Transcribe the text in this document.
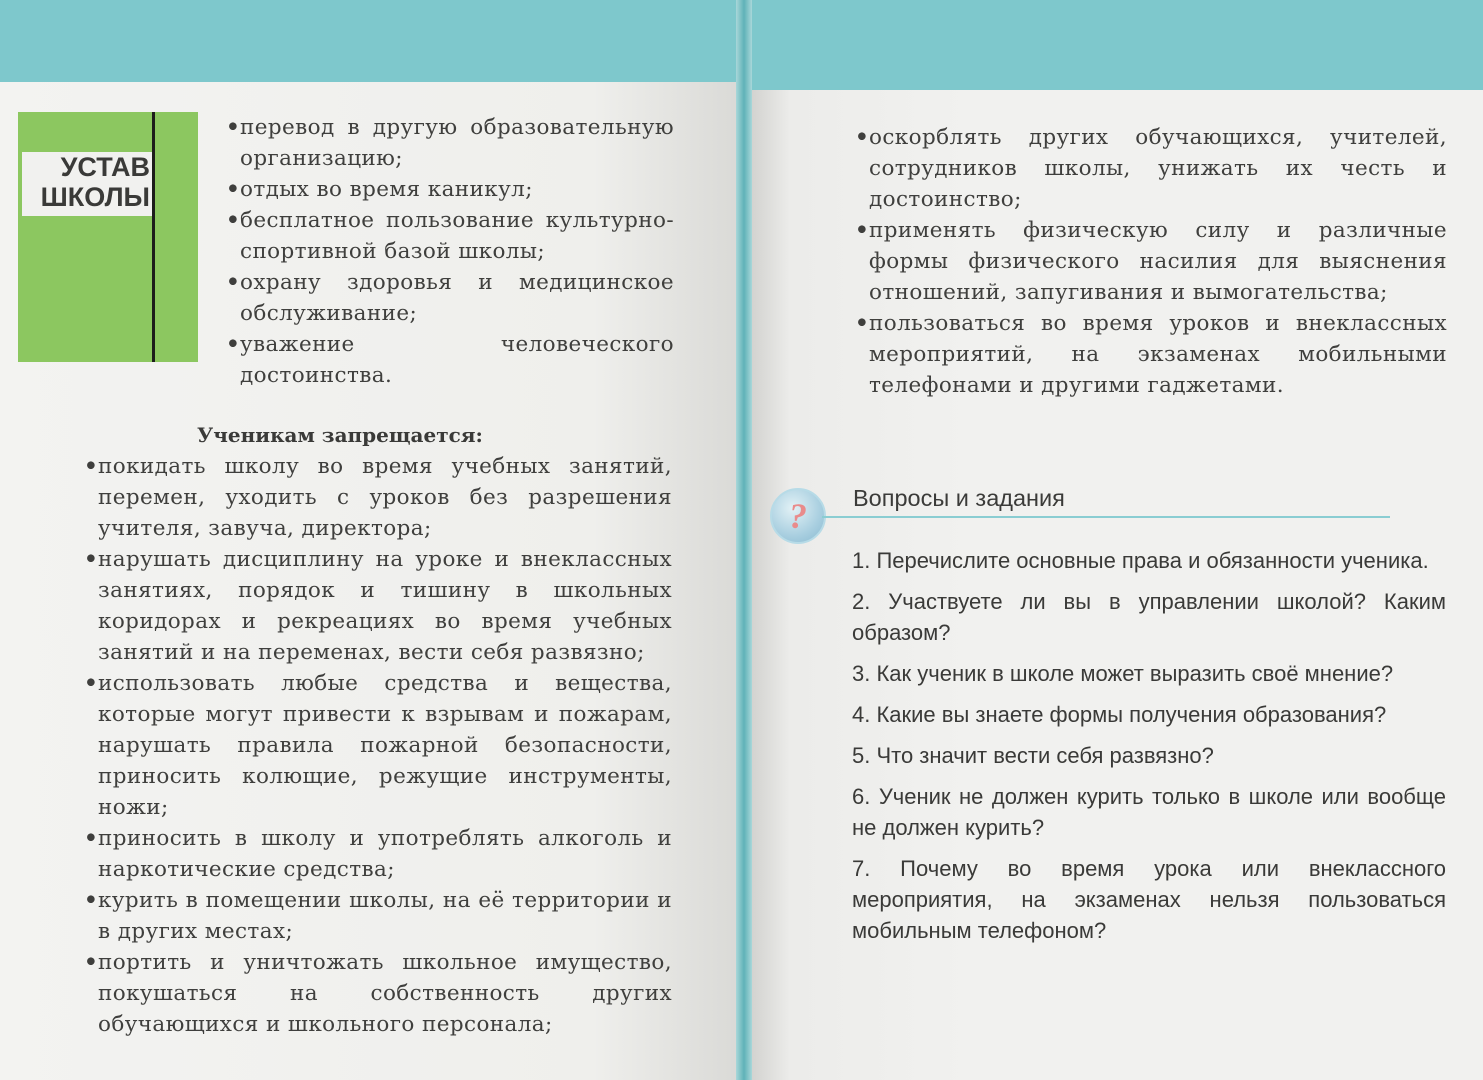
УСТАВ
ШКОЛЫ
• перевод в другую образовательную организацию;
• отдых во время каникул;
• бесплатное пользование культурно-спортивной базой школы;
• охрану здоровья и медицинское обслуживание;
• уважение человеческого достоинства.
Ученикам запрещается:
• покидать школу во время учебных занятий, перемен, уходить с уроков без разрешения учителя, завуча, директора;
• нарушать дисциплину на уроке и внеклассных занятиях, порядок и тишину в школьных коридорах и рекреациях во время учебных занятий и на переменах, вести себя развязно;
• использовать любые средства и вещества, которые могут привести к взрывам и пожарам, нарушать правила пожарной безопасности, приносить колющие, режущие инструменты, ножи;
• приносить в школу и употреблять алкоголь и наркотические средства;
• курить в помещении школы, на её территории и в других местах;
• портить и уничтожать школьное имущество, покушаться на собственность других обучающихся и школьного персонала;
• оскорблять других обучающихся, учителей, сотрудников школы, унижать их честь и достоинство;
• применять физическую силу и различные формы физического насилия для выяснения отношений, запугивания и вымогательства;
• пользоваться во время уроков и внеклассных мероприятий, на экзаменах мобильными телефонами и другими гаджетами.
?	Вопросы и задания
1. Перечислите основные права и обязанности ученика.
2. Участвуете ли вы в управлении школой? Каким образом?
3. Как ученик в школе может выразить своё мнение?
4. Какие вы знаете формы получения образования?
5. Что значит вести себя развязно?
6. Ученик не должен курить только в школе или вообще не должен курить?
7. Почему во время урока или внеклассного мероприятия, на экзаменах нельзя пользоваться мобильным телефоном?
